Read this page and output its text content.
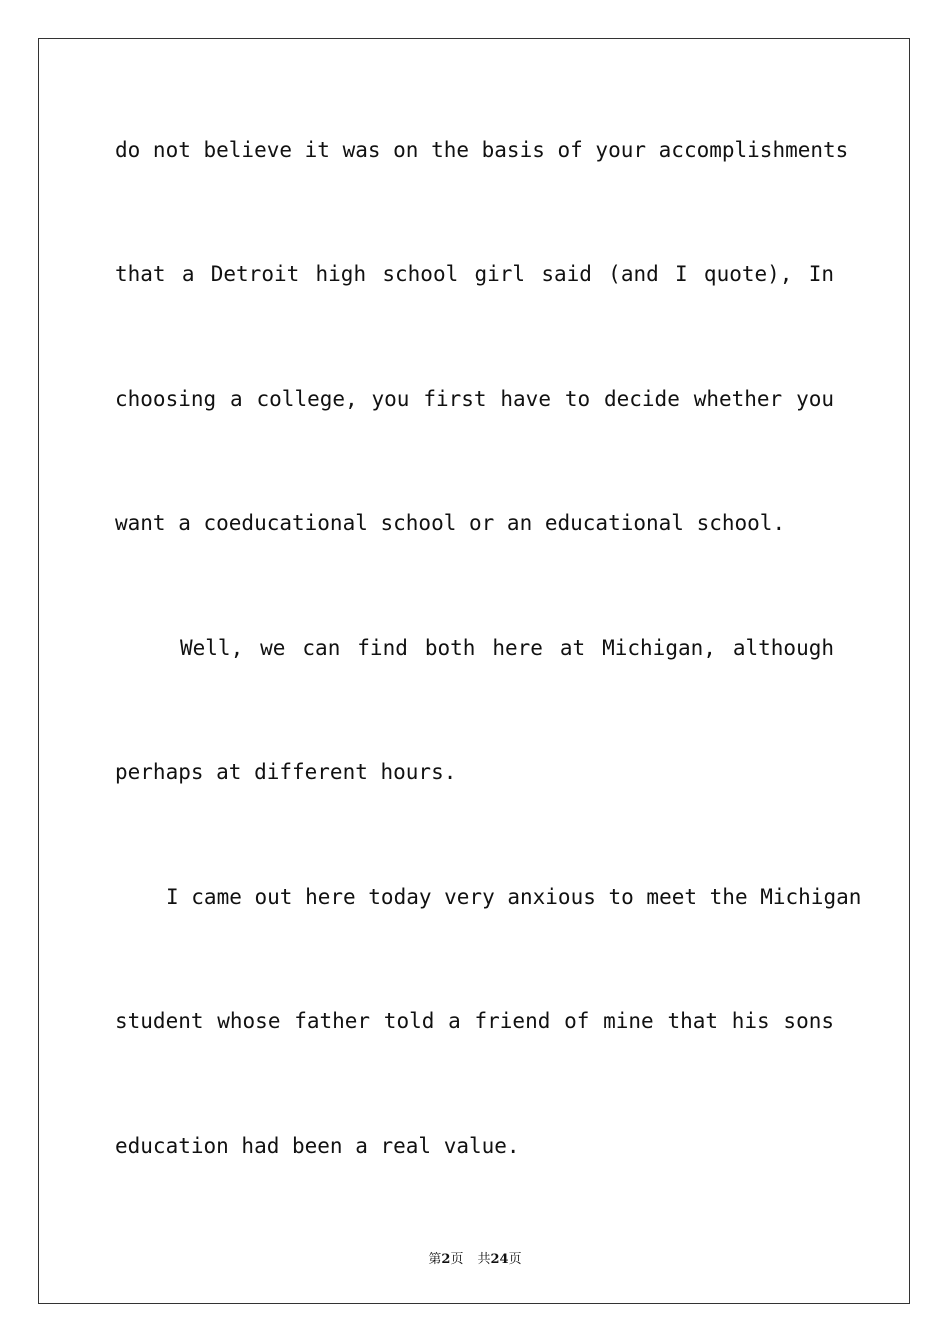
do not believe it was on the basis of your accomplishments
that a Detroit high school girl said (and I quote), In
choosing a college, you first have to decide whether you
want a coeducational school or an educational school.
Well, we can find both here at Michigan, although
perhaps at different hours.
I came out here today very anxious to meet the Michigan
student whose father told a friend of mine that his sons
education had been a real value.
第2页 共24页
